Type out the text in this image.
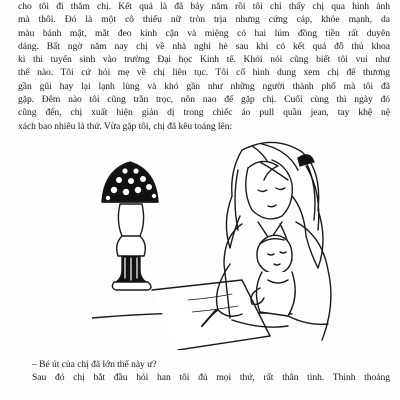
cho tôi đi thăm chị. Kết quả là đã bảy năm rồi tôi chỉ thấy chị qua hình ảnh
mà thôi. Đó là một cô thiếu nữ tròn trịa nhưng cứng cáp, khỏe mạnh, da
màu bánh mật, mắt đeo kính cận và miệng có hai lúm đồng tiền rất duyên
dáng. Bất ngờ năm nay chị về nhà nghỉ hè sau khi có kết quả đỗ thủ khoa
kì thi tuyển sinh vào trường Đại học Kinh tế. Khỏi nói cũng biết tôi vui như
thế nào. Tôi cứ hỏi mẹ về chị liên tục. Tôi cố hình dung xem chị để thương
gần gũi hay lại lạnh lùng và khó gần như những người thành phố mà tôi đã
gặp. Đêm nào tôi cũng trằn trọc, nôn nao để gặp chị. Cuối cùng thì ngày đó
cũng đến, chị xuất hiện giản dị trong chiếc áo pull quần jean, tay khệ nệ
xách bao nhiêu là thứ. Vừa gặp tôi, chị đã kêu toáng lên:
– Bé út của chị đã lớn thế này ư?
Sau đó chị bắt đầu hỏi han tôi đủ mọi thứ, rất thân tình. Thỉnh thoảng
